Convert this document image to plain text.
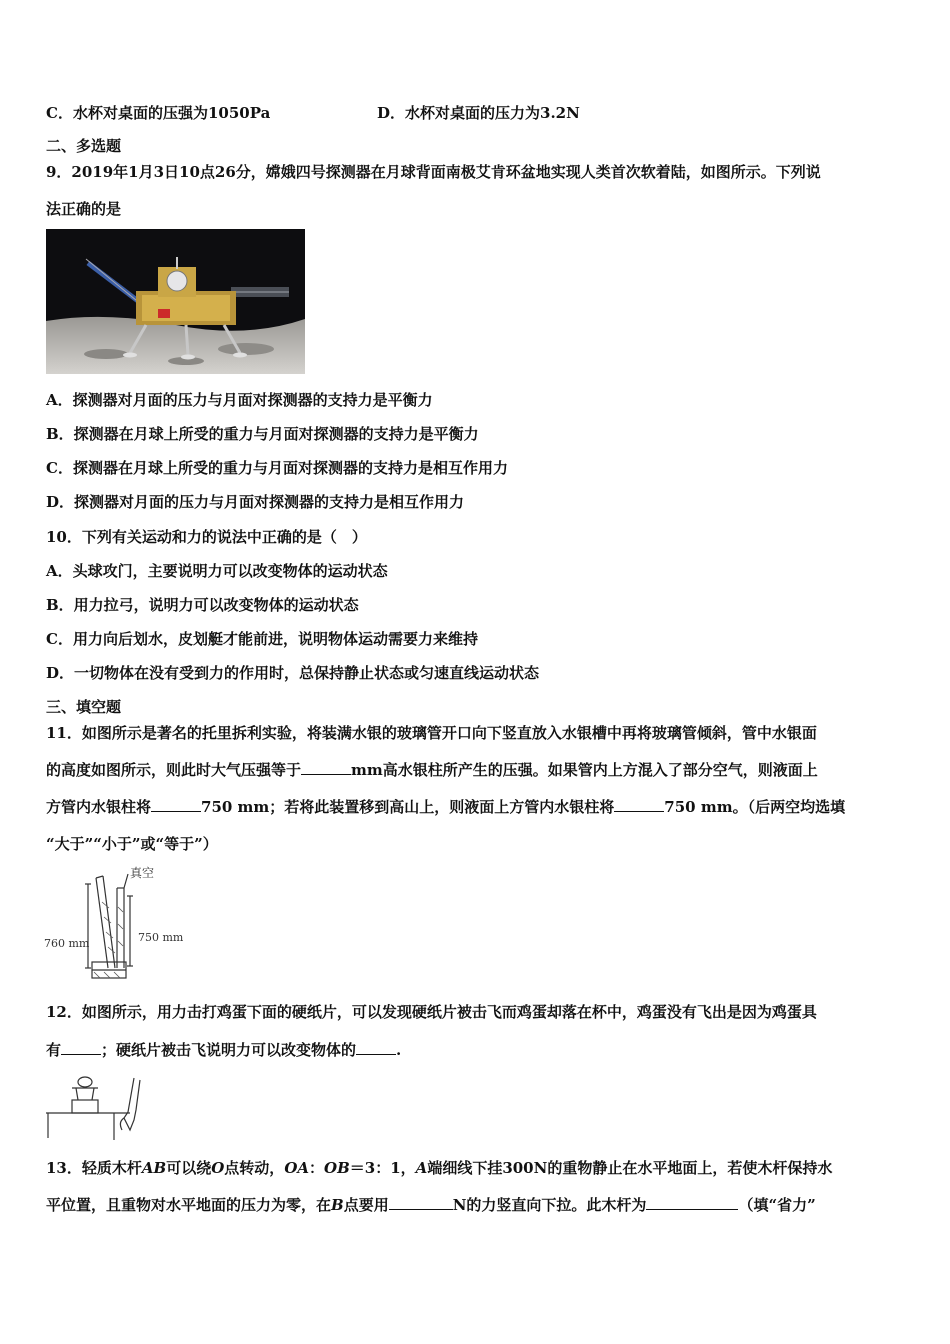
C．水杯对桌面的压强为1050Pa	D．水杯对桌面的压力为3.2N
二、多选题
9．2019年1月3日10点26分，嫦娥四号探测器在月球背面南极艾肯环盆地实现人类首次软着陆，如图所示。下列说
法正确的是
A．探测器对月面的压力与月面对探测器的支持力是平衡力
B．探测器在月球上所受的重力与月面对探测器的支持力是平衡力
C．探测器在月球上所受的重力与月面对探测器的支持力是相互作用力
D．探测器对月面的压力与月面对探测器的支持力是相互作用力
10．下列有关运动和力的说法中正确的是（　）
A．头球攻门，主要说明力可以改变物体的运动状态
B．用力拉弓，说明力可以改变物体的运动状态
C．用力向后划水，皮划艇才能前进，说明物体运动需要力来维持
D．一切物体在没有受到力的作用时，总保持静止状态或匀速直线运动状态
三、填空题
11．如图所示是著名的托里拆利实验，将装满水银的玻璃管开口向下竖直放入水银槽中再将玻璃管倾斜，管中水银面
的高度如图所示，则此时大气压强等于	mm高水银柱所产生的压强。如果管内上方混入了部分空气，则液面上
方管内水银柱将	750 mm；若将此装置移到高山上，则液面上方管内水银柱将	750 mm。（后两空均选填
“大于”“小于”或“等于”）
真空
750 mm
760 mm
12．如图所示，用力击打鸡蛋下面的硬纸片，可以发现硬纸片被击飞而鸡蛋却落在杯中，鸡蛋没有飞出是因为鸡蛋具
有	；硬纸片被击飞说明力可以改变物体的	.
13．轻质木杆AB可以绕O点转动，OA：OB＝3：1，A端细线下挂300N的重物静止在水平地面上，若使木杆保持水
平位置，且重物对水平地面的压力为零，在B点要用	N的力竖直向下拉。此木杆为	（填“省力”
